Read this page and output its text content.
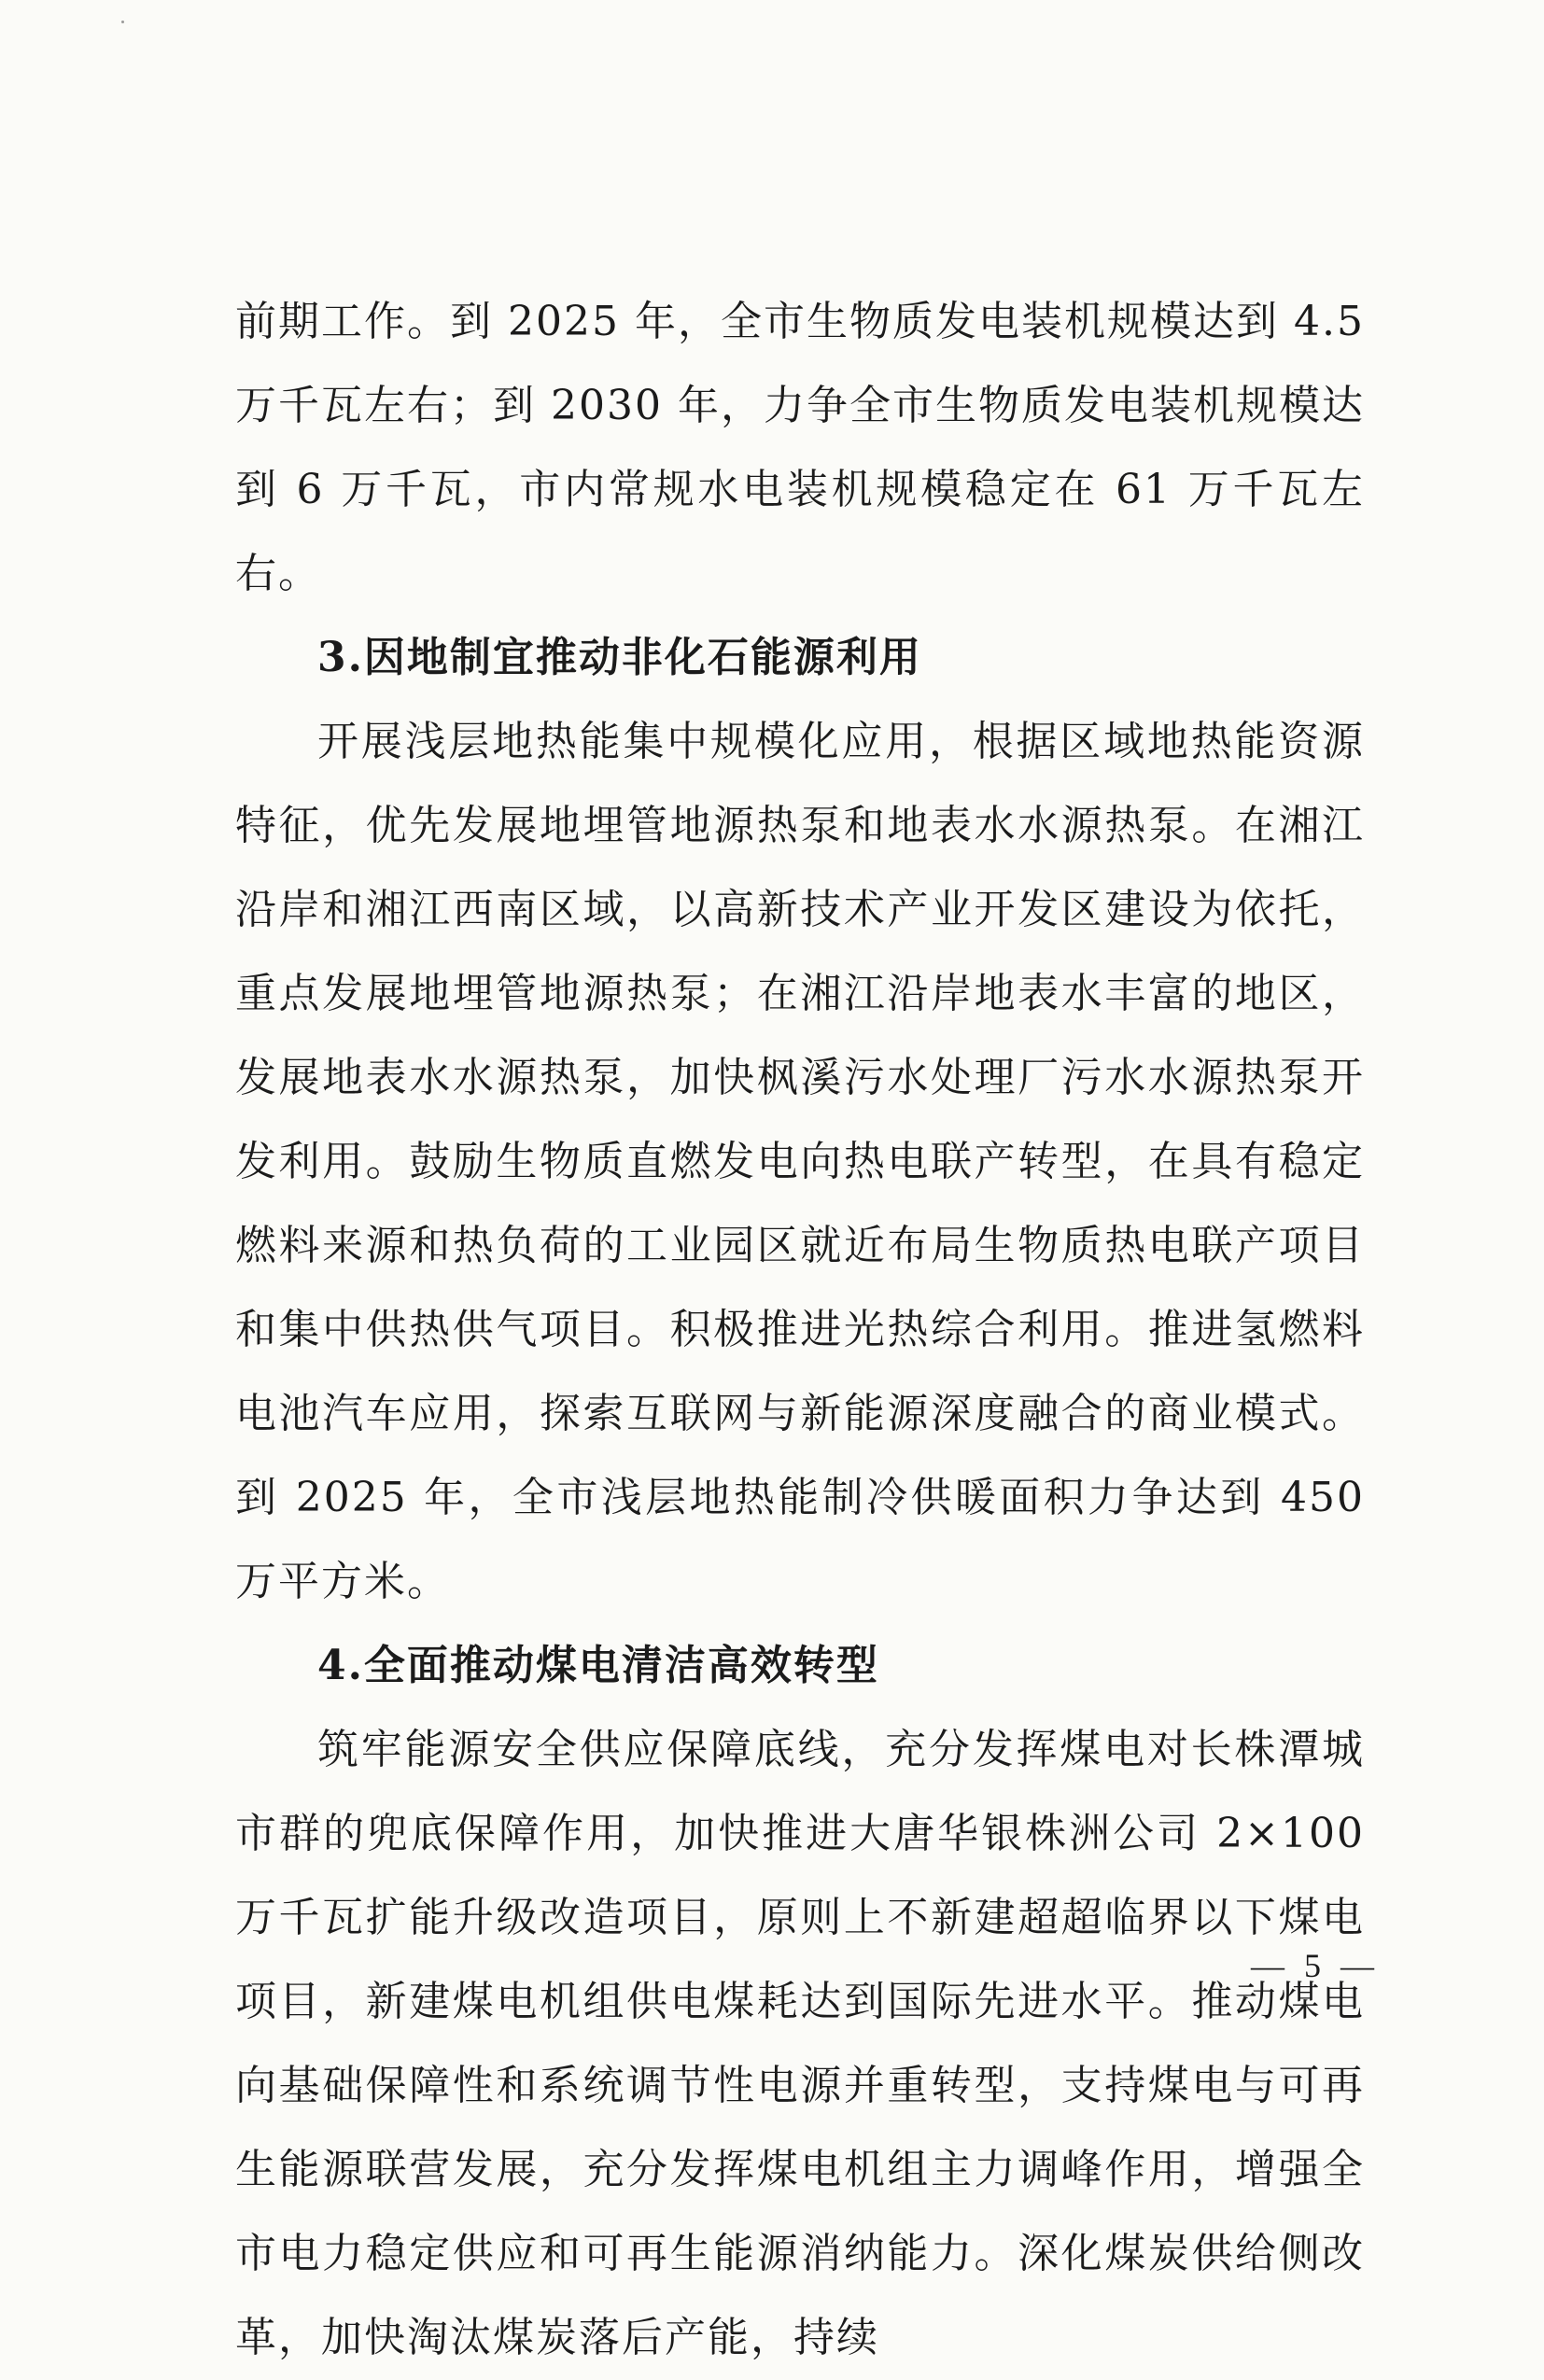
前期工作。到 2025 年，全市生物质发电装机规模达到 4.5 万千瓦左右；到 2030 年，力争全市生物质发电装机规模达到 6 万千瓦，市内常规水电装机规模稳定在 61 万千瓦左右。

3.因地制宜推动非化石能源利用

开展浅层地热能集中规模化应用，根据区域地热能资源特征，优先发展地埋管地源热泵和地表水水源热泵。在湘江沿岸和湘江西南区域，以高新技术产业开发区建设为依托，重点发展地埋管地源热泵；在湘江沿岸地表水丰富的地区，发展地表水水源热泵，加快枫溪污水处理厂污水水源热泵开发利用。鼓励生物质直燃发电向热电联产转型，在具有稳定燃料来源和热负荷的工业园区就近布局生物质热电联产项目和集中供热供气项目。积极推进光热综合利用。推进氢燃料电池汽车应用，探索互联网与新能源深度融合的商业模式。到 2025 年，全市浅层地热能制冷供暖面积力争达到 450 万平方米。

4.全面推动煤电清洁高效转型

筑牢能源安全供应保障底线，充分发挥煤电对长株潭城市群的兜底保障作用，加快推进大唐华银株洲公司 2×100 万千瓦扩能升级改造项目，原则上不新建超超临界以下煤电项目，新建煤电机组供电煤耗达到国际先进水平。推动煤电向基础保障性和系统调节性电源并重转型，支持煤电与可再生能源联营发展，充分发挥煤电机组主力调峰作用，增强全市电力稳定供应和可再生能源消纳能力。深化煤炭供给侧改革，加快淘汰煤炭落后产能，持续

— 5 —
